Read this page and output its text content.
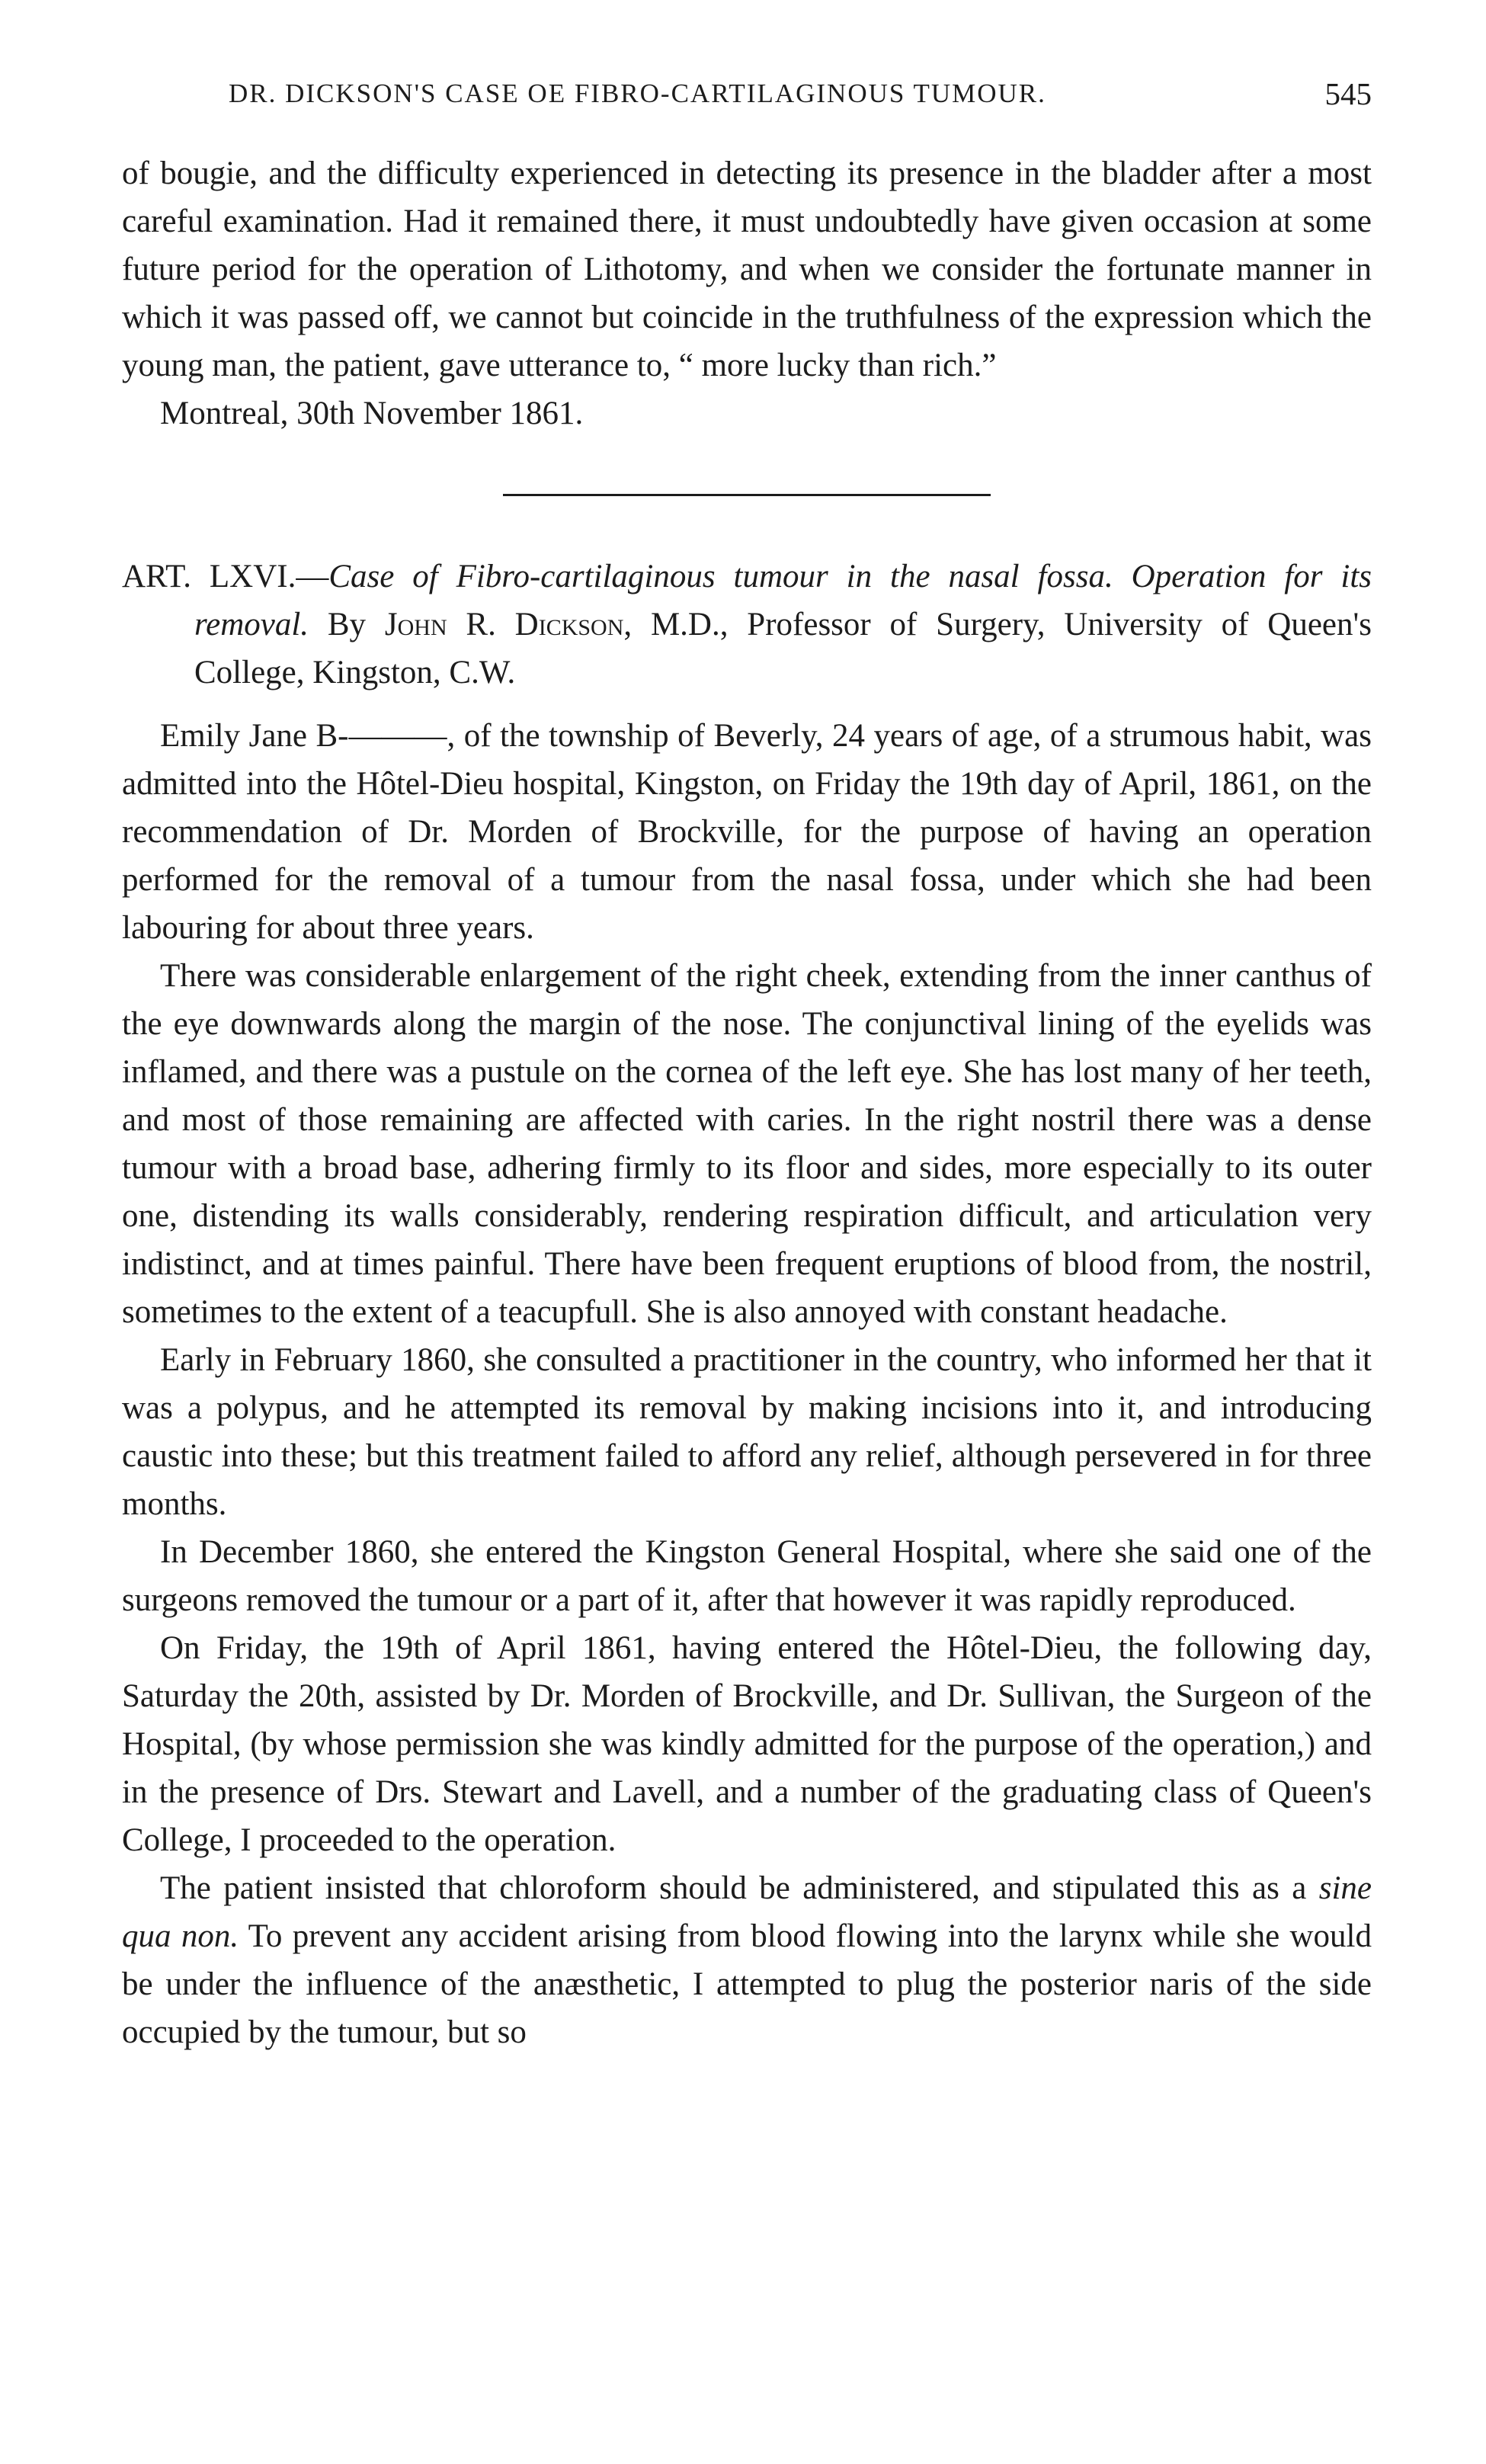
DR. DICKSON'S CASE OE FIBRO-CARTILAGINOUS TUMOUR.	545

of bougie, and the difficulty experienced in detecting its presence in the bladder after a most careful examination. Had it remained there, it must undoubtedly have given occasion at some future period for the operation of Lithotomy, and when we consider the fortunate manner in which it was passed off, we cannot but coincide in the truthfulness of the expression which the young man, the patient, gave utterance to, “ more lucky than rich.”

Montreal, 30th November 1861.

ART. LXVI.—Case of Fibro-cartilaginous tumour in the nasal fossa. Operation for its removal. By John R. Dickson, M.D., Professor of Surgery, University of Queen's College, Kingston, C.W.

Emily Jane B-———, of the township of Beverly, 24 years of age, of a strumous habit, was admitted into the Hôtel-Dieu hospital, Kingston, on Friday the 19th day of April, 1861, on the recommendation of Dr. Morden of Brockville, for the purpose of having an operation performed for the removal of a tumour from the nasal fossa, under which she had been labouring for about three years.

There was considerable enlargement of the right cheek, extending from the inner canthus of the eye downwards along the margin of the nose. The conjunctival lining of the eyelids was inflamed, and there was a pustule on the cornea of the left eye. She has lost many of her teeth, and most of those remaining are affected with caries. In the right nostril there was a dense tumour with a broad base, adhering firmly to its floor and sides, more especially to its outer one, distending its walls considerably, rendering respiration difficult, and articulation very indistinct, and at times painful. There have been frequent eruptions of blood from, the nostril, sometimes to the extent of a teacupfull. She is also annoyed with constant headache.

Early in February 1860, she consulted a practitioner in the country, who informed her that it was a polypus, and he attempted its removal by making incisions into it, and introducing caustic into these; but this treatment failed to afford any relief, although persevered in for three months.

In December 1860, she entered the Kingston General Hospital, where she said one of the surgeons removed the tumour or a part of it, after that however it was rapidly reproduced.

On Friday, the 19th of April 1861, having entered the Hôtel-Dieu, the following day, Saturday the 20th, assisted by Dr. Morden of Brockville, and Dr. Sullivan, the Surgeon of the Hospital, (by whose permission she was kindly admitted for the purpose of the operation,) and in the presence of Drs. Stewart and Lavell, and a number of the graduating class of Queen's College, I proceeded to the operation.

The patient insisted that chloroform should be administered, and stipulated this as a sine qua non. To prevent any accident arising from blood flowing into the larynx while she would be under the influence of the anæsthetic, I attempted to plug the posterior naris of the side occupied by the tumour, but so
